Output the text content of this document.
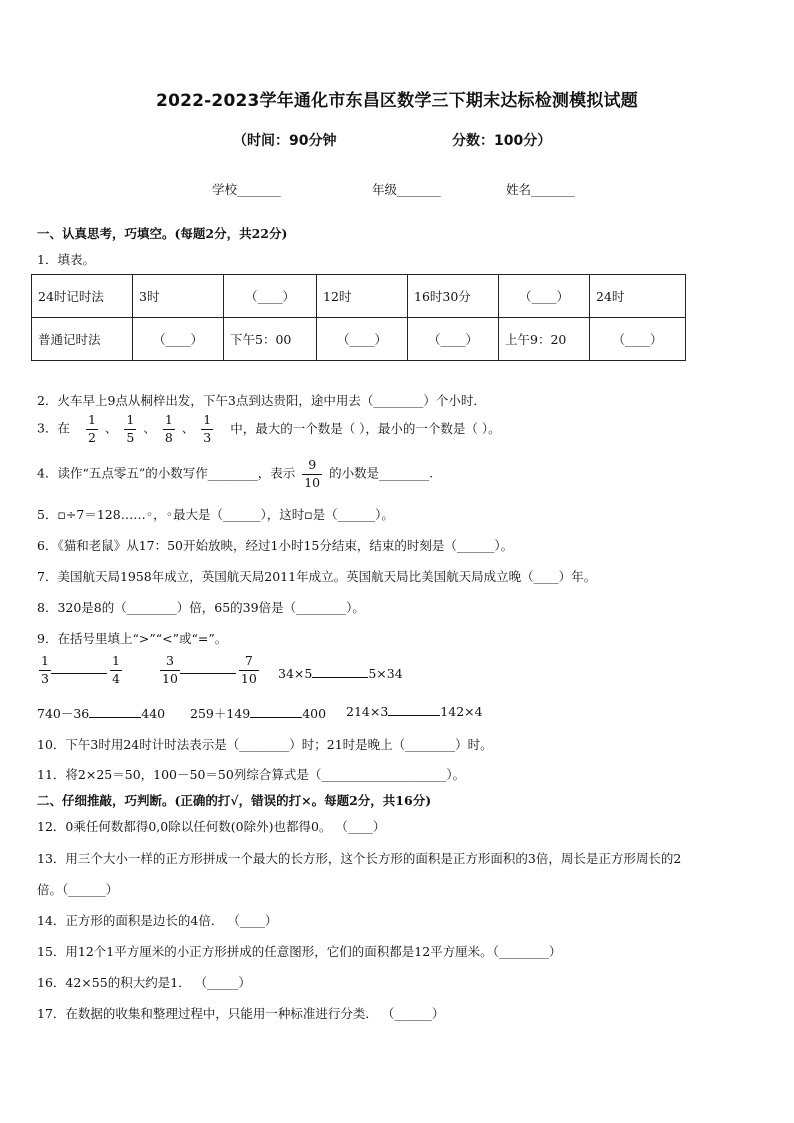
2022-2023学年通化市东昌区数学三下期末达标检测模拟试题
（时间：90分钟	分数：100分）
学校_______	年级_______	姓名_______
一、认真思考，巧填空。(每题2分，共22分)
1．填表。
24时记时法	3时	（____）	12时	16时30分	（____）	24时
普通记时法	（____）	下午5：00	（____）	（____）	上午9：20	（____）
2．火车早上9点从桐梓出发，下午3点到达贵阳，途中用去（________）个小时．
3．在 $\frac{1}{2}$ 、 $\frac{1}{5}$ 、 $\frac{1}{8}$ 、 $\frac{1}{3}$ 中，最大的一个数是（ ），最小的一个数是（ ）。
4．读作“五点零五”的小数写作________，表示 $\frac{9}{10}$ 的小数是________.
5．▫÷7＝128……◦，◦最大是（______），这时▫是（______）。
6．《猫和老鼠》从17：50开始放映，经过1小时15分结束，结束的时刻是（______）。
7．美国航天局1958年成立，英国航天局2011年成立。英国航天局比美国航天局成立晚（____）年。
8．320是8的（________）倍，65的39倍是（________）。
9．在括号里填上“>”“<”或“=”。
$\frac{1}{3}$	$\frac{1}{4}$	$\frac{3}{10}$	$\frac{7}{10} 34\times 5$	5×34
740－36	440 259＋149	400 214×3	142×4
10．下午3时用24时计时法表示是（________）时；21时是晚上（________）时。
11．将2×25＝50，100－50＝50列综合算式是（____________________）。
二、仔细推敲，巧判断。(正确的打√，错误的打×。每题2分，共16分)
12．0乘任何数都得0,0除以任何数(0除外)也都得0。 （____）
13．用三个大小一样的正方形拼成一个最大的长方形，这个长方形的面积是正方形面积的3倍，周长是正方形周长的2
倍。（______）
14．正方形的面积是边长的4倍． （____）
15．用12个1平方厘米的小正方形拼成的任意图形，它们的面积都是12平方厘米。（________）
16．42×55的积大约是1． （_____）
17．在数据的收集和整理过程中，只能用一种标准进行分类． （______）
